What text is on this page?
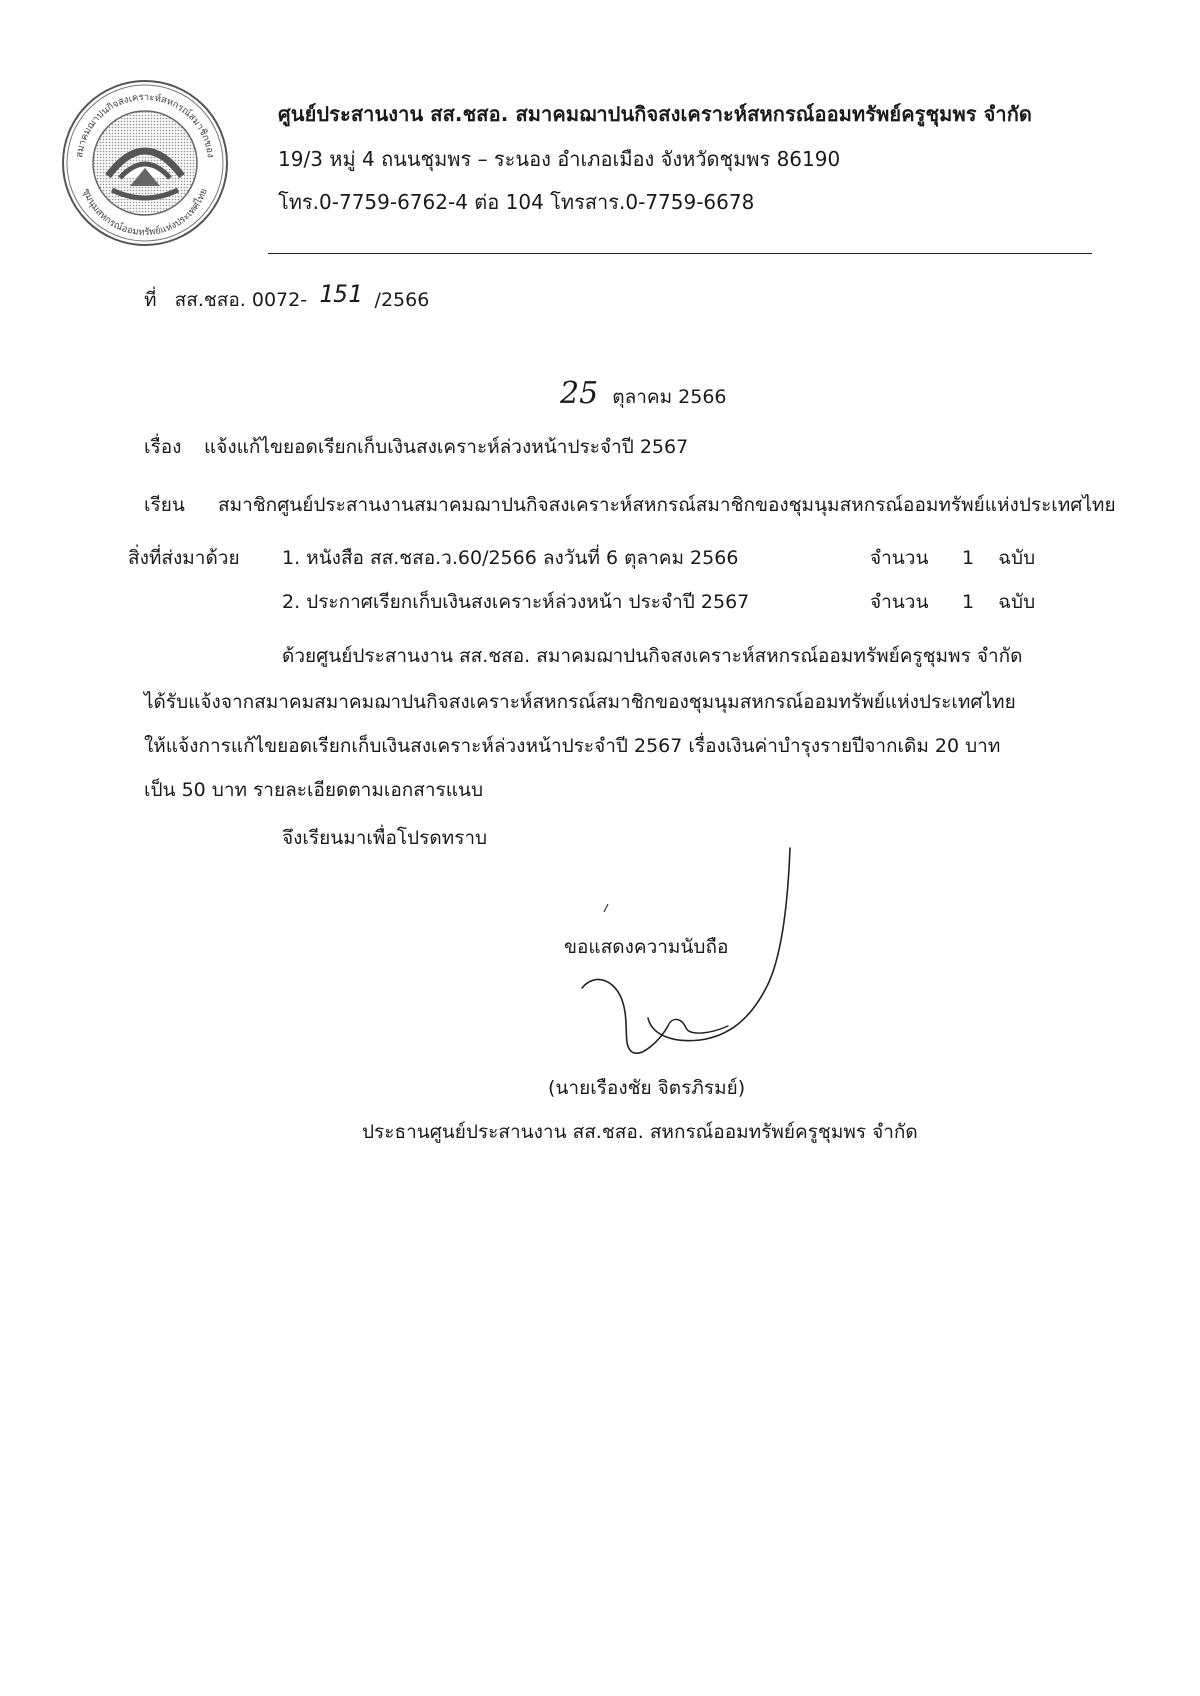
สมาคมฌาปนกิจสงเคราะห์สหกรณ์สมาชิกของ
ชุมนุมสหกรณ์ออมทรัพย์แห่งประเทศไทย
ศูนย์ประสานงาน สส.ชสอ. สมาคมฌาปนกิจสงเคราะห์สหกรณ์ออมทรัพย์ครูชุมพร จำกัด
19/3 หมู่ 4 ถนนชุมพร – ระนอง อำเภอเมือง จังหวัดชุมพร 86190
โทร.0-7759-6762-4 ต่อ 104 โทรสาร.0-7759-6678
ที่ สส.ชสอ. 0072- 151 /2566
25 ตุลาคม 2566
เรื่อง แจ้งแก้ไขยอดเรียกเก็บเงินสงเคราะห์ล่วงหน้าประจำปี 2567
เรียน สมาชิกศูนย์ประสานงานสมาคมฌาปนกิจสงเคราะห์สหกรณ์สมาชิกของชุมนุมสหกรณ์ออมทรัพย์แห่งประเทศไทย
สิ่งที่ส่งมาด้วย 1. หนังสือ สส.ชสอ.ว.60/2566 ลงวันที่ 6 ตุลาคม 2566	จำนวน 1 ฉบับ
2. ประกาศเรียกเก็บเงินสงเคราะห์ล่วงหน้า ประจำปี 2567	จำนวน 1 ฉบับ
ด้วยศูนย์ประสานงาน สส.ชสอ. สมาคมฌาปนกิจสงเคราะห์สหกรณ์ออมทรัพย์ครูชุมพร จำกัด
ได้รับแจ้งจากสมาคมสมาคมฌาปนกิจสงเคราะห์สหกรณ์สมาชิกของชุมนุมสหกรณ์ออมทรัพย์แห่งประเทศไทย
ให้แจ้งการแก้ไขยอดเรียกเก็บเงินสงเคราะห์ล่วงหน้าประจำปี 2567 เรื่องเงินค่าบำรุงรายปีจากเดิม 20 บาท
เป็น 50 บาท รายละเอียดตามเอกสารแนบ
จึงเรียนมาเพื่อโปรดทราบ
ขอแสดงความนับถือ
(นายเรืองชัย จิตรภิรมย์)
ประธานศูนย์ประสานงาน สส.ชสอ. สหกรณ์ออมทรัพย์ครูชุมพร จำกัด
